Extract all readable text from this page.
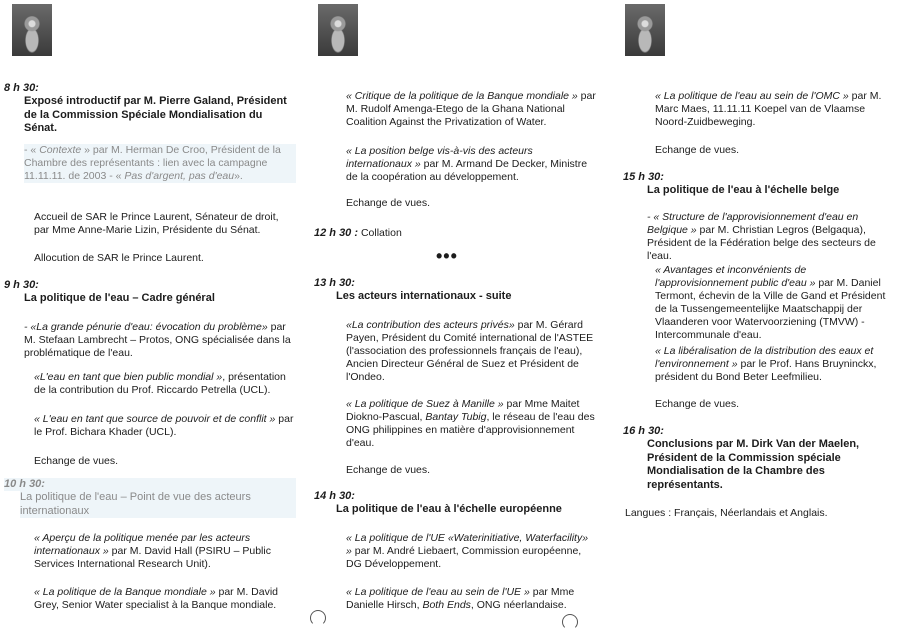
8 h 30:
Exposé introductif par M. Pierre Galand, Président de la Commission Spéciale Mondialisation du Sénat.
- « Contexte » par M. Herman De Croo, Président de la Chambre des représentants : lien avec la campagne 11.11.11. de 2003 - « Pas d'argent, pas d'eau».
Accueil de SAR le Prince Laurent, Sénateur de droit, par Mme Anne-Marie Lizin, Présidente du Sénat.
Allocution de SAR le Prince Laurent.
9 h 30:
La politique de l'eau – Cadre général
- «La grande pénurie d'eau: évocation du problème» par M. Stefaan Lambrecht – Protos, ONG spécialisée dans la problématique de l'eau.
«L'eau en tant que bien public mondial », présentation de la contribution du Prof. Riccardo Petrella (UCL).
« L'eau en tant que source de pouvoir et de conflit » par le Prof. Bichara Khader (UCL).
Echange de vues.
10 h 30:
La politique de l'eau – Point de vue des acteurs internationaux
« Aperçu de la politique menée par les acteurs internationaux » par M. David Hall (PSIRU – Public Services International Research Unit).
« La politique de la Banque mondiale » par M. David Grey, Senior Water specialist à la Banque mondiale.
« Critique de la politique de la Banque mondiale » par M. Rudolf Amenga-Etego de la Ghana National Coalition Against the Privatization of Water.
« La position belge vis-à-vis des acteurs internationaux » par M. Armand De Decker, Ministre de la coopération au développement.
Echange de vues.
12 h 30 : Collation
•••
13 h 30:
Les acteurs internationaux - suite
«La contribution des acteurs privés» par M. Gérard Payen, Président du Comité international de l'ASTEE (l'association des professionnels français de l'eau), Ancien Directeur Général de Suez et Président de l'Ondeo.
« La politique de Suez à Manille » par Mme Maitet Diokno-Pascual, Bantay Tubig, le réseau de l'eau des ONG philippines en matière d'approvisionnement d'eau.
Echange de vues.
14 h 30:
La politique de l'eau à l'échelle européenne
« La politique de l'UE «Waterinitiative, Waterfacility» » par M. André Liebaert, Commission européenne, DG Développement.
« La politique de l'eau au sein de l'UE » par Mme Danielle Hirsch, Both Ends, ONG néerlandaise.
« La politique de l'eau au sein de l'OMC » par M. Marc Maes, 11.11.11 Koepel van de Vlaamse Noord-Zuidbeweging.
Echange de vues.
15 h 30:
La politique de l'eau à l'échelle belge
- « Structure de l'approvisionnement d'eau en Belgique » par M. Christian Legros (Belgaqua), Président de la Fédération belge des secteurs de l'eau.
« Avantages et inconvénients de l'approvisionnement public d'eau » par M. Daniel Termont, échevin de la Ville de Gand et Président de la Tussengemeentelijke Maatschappij der Vlaanderen voor Watervoorziening (TMVW) - Intercommunale d'eau.
« La libéralisation de la distribution des eaux et l'environnement » par le Prof. Hans Bruyninckx, président du Bond Beter Leefmilieu.
Echange de vues.
16 h 30:
Conclusions par M. Dirk Van der Maelen, Président de la Commission spéciale Mondialisation de la Chambre des représentants.
Langues : Français, Néerlandais et Anglais.
